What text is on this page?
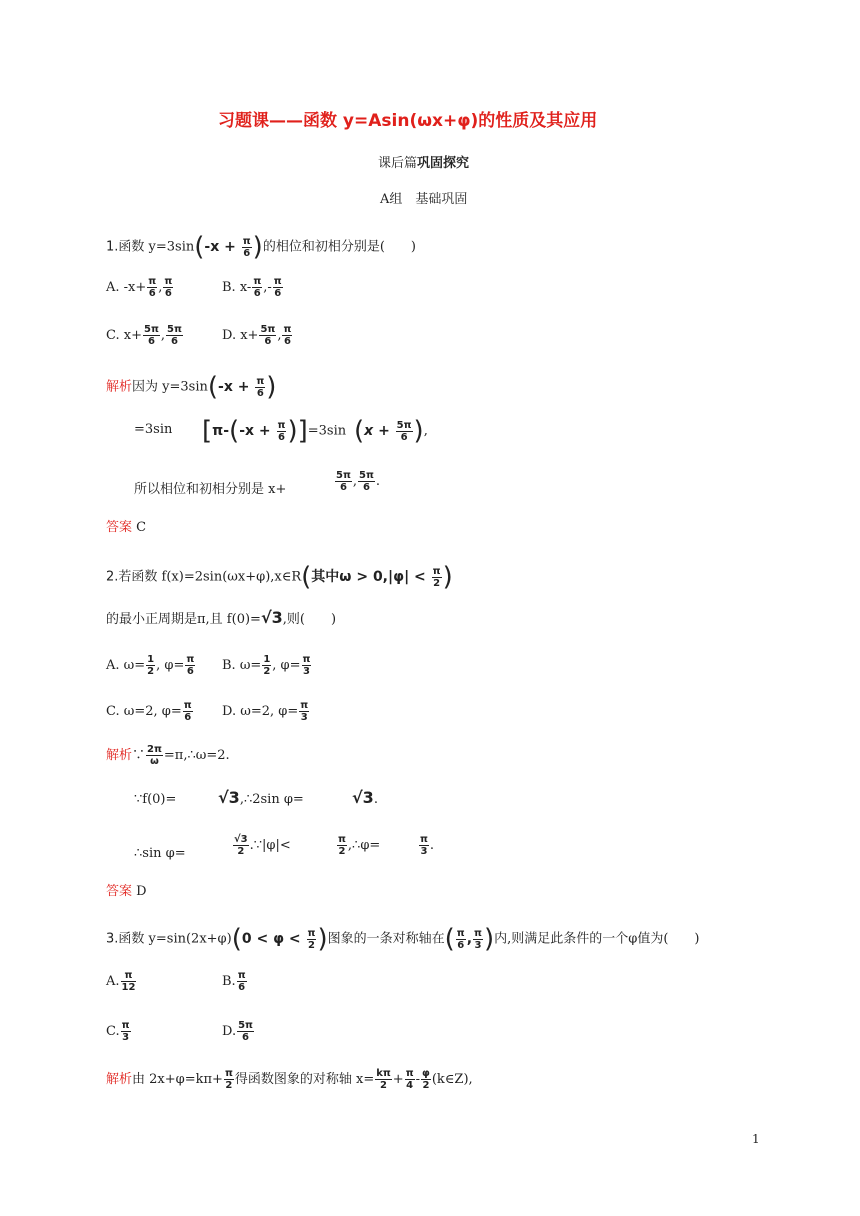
习题课——函数 y=Asin(ωx+φ)的性质及其应用
课后篇巩固探究
A组　基础巩固
1.函数 $y=3\sin(-x + \frac{\pi}{6}$ )的相位和初相分别是(　　)
A. $-x+ \frac{\pi}{6}$ , $\frac{\pi}{6}$	B. $x- \frac{\pi}{6}$ ,- $\frac{\pi}{6}$
C. $x+ \frac{5\pi}{6}$ , $\frac{5\pi}{6}$	D. $x+ \frac{5\pi}{6}$ , $\frac{\pi}{6}$
解析因为 $y=3\sin(-x + \frac{\pi}{6}$ )
=3sin $[\pi-(-x + \frac{\pi}{6} )]=3\sin$ ($x + \frac{5\pi}{6}$ ),
所以相位和初相分别是 x+	$\frac{5\pi}{6}$ , $\frac{5\pi}{6}$ .
答案 C
2.若函数 f(x)=2sin(ωx+φ),x∈R(其中$\omega > 0,|\varphi| < \frac{\pi}{2}$ )
的最小正周期是π,且 f(0)=√3,则(　　)
A. $\omega= \frac{1}{2}$ , $\varphi= \frac{\pi}{6} B$. $\omega= \frac{1}{2}$ , $\varphi= \frac{\pi}{3}$
C. ω=2, $\varphi= \frac{\pi}{6} D$. ω=2, $\varphi= \frac{\pi}{3}$
解析∵ $\frac{2\pi}{\omega}$ =π,∴ω=2.
∵f(0)=	√3,∴2sin φ=	√3.
∴sin φ=	$\frac{√3}{2}$ .∵|φ|<	$\frac{\pi}{2}$ ,∴φ=	$\frac{\pi}{3}$ .
答案 D
3.函数 $y=\sin(2x+\varphi)(0 < \varphi < \frac{\pi}{2}$ )图象的一条对称轴在( $\frac{\pi}{6}$ , $\frac{\pi}{3}$ )内,则满足此条件的一个φ值为(　　)
A. $\frac{\pi}{12}$	B. $\frac{\pi}{6}$
C. $\frac{\pi}{3}$	D. $\frac{5\pi}{6}$
解析由 $2x+\varphi=k\pi+ \frac{\pi}{2}$ 得函数图象的对称轴 $x= \frac{k\pi}{2} + \frac{\pi}{4} - \frac{\varphi}{2}$ (k∈Z),
1
